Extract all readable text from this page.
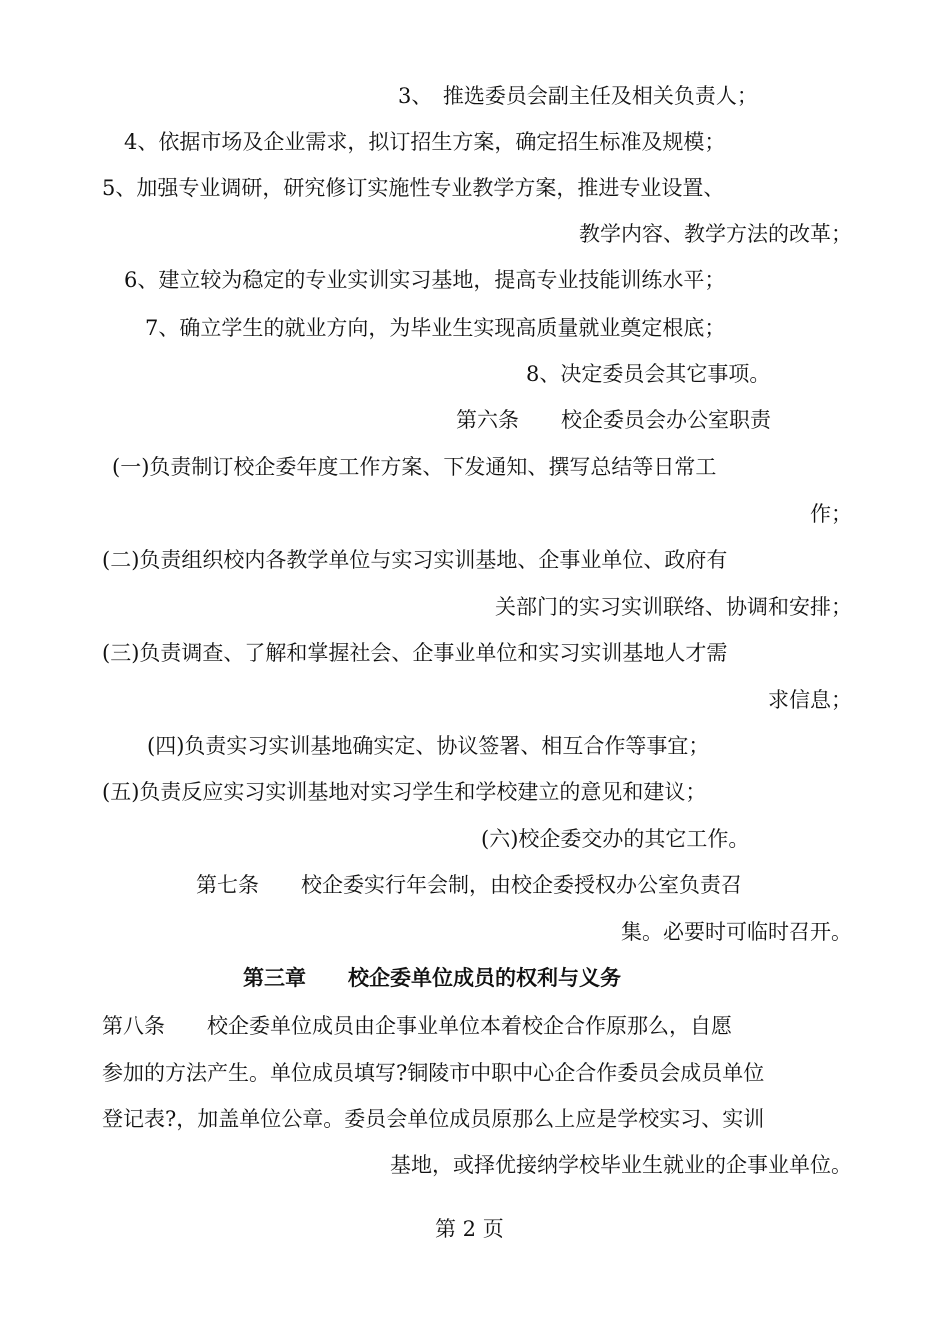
3、　推选委员会副主任及相关负责人；
4、依据市场及企业需求，拟订招生方案，确定招生标准及规模；
5、加强专业调研，研究修订实施性专业教学方案，推进专业设置、
教学内容、教学方法的改革；
6、建立较为稳定的专业实训实习基地，提高专业技能训练水平；
7、确立学生的就业方向，为毕业生实现高质量就业奠定根底；
8、决定委员会其它事项。
第六条　　校企委员会办公室职责
(一)负责制订校企委年度工作方案、下发通知、撰写总结等日常工
作；
(二)负责组织校内各教学单位与实习实训基地、企事业单位、政府有
关部门的实习实训联络、协调和安排；
(三)负责调查、了解和掌握社会、企事业单位和实习实训基地人才需
求信息；
(四)负责实习实训基地确实定、协议签署、相互合作等事宜；
(五)负责反应实习实训基地对实习学生和学校建立的意见和建议；
(六)校企委交办的其它工作。
第七条　　校企委实行年会制，由校企委授权办公室负责召
集。必要时可临时召开。
第三章　　校企委单位成员的权利与义务
第八条　　校企委单位成员由企事业单位本着校企合作原那么，自愿
参加的方法产生。单位成员填写?铜陵市中职中心企合作委员会成员单位
登记表?，加盖单位公章。委员会单位成员原那么上应是学校实习、实训
基地，或择优接纳学校毕业生就业的企事业单位。
第 2 页
